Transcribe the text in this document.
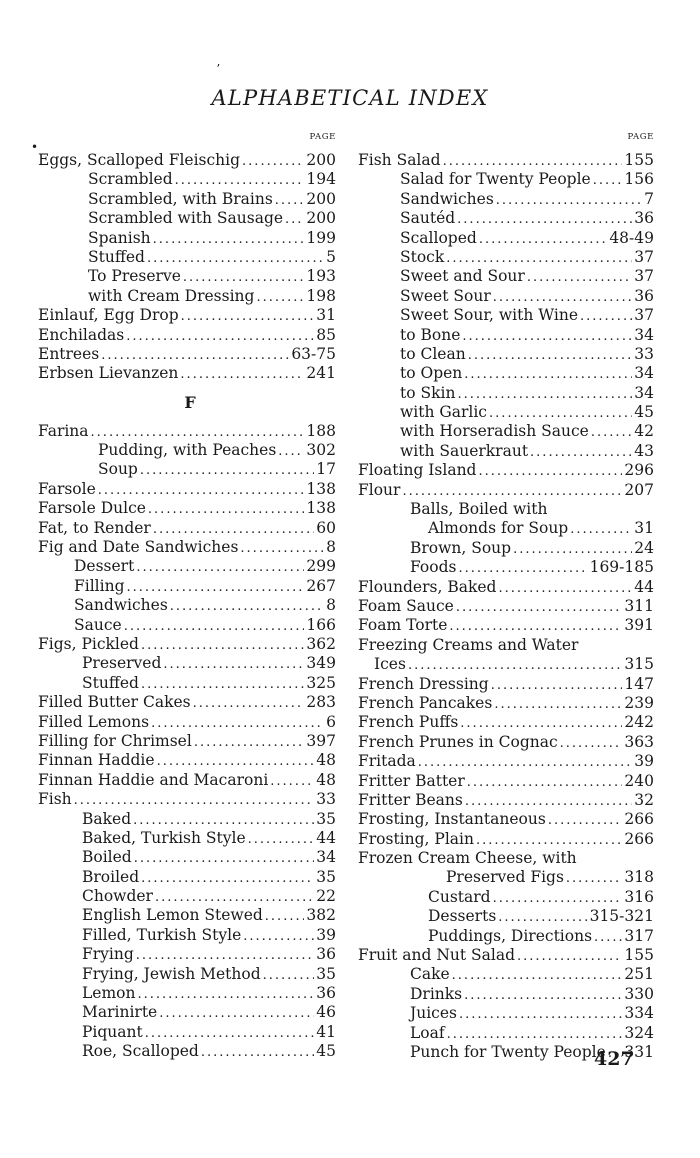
ALPHABETICAL INDEX
PAGE
Eggs, Scalloped Fleischig .....	200
Scrambled .....	194
Scrambled, with Brains ..... 200
Scrambled with Sausage ..... 200
Spanish .....	199
Stuffed .....	5
To Preserve .....	193
with Cream Dressing .....	198
Einlauf, Egg Drop .....	31
Enchiladas .....	85
Entrees .....	63-75
Erbsen Lievanzen .....	241
F
Farina .....	188
Pudding, with Peaches ..... 302
Soup .....	17
Farsole .....	138
Farsole Dulce .....	138
Fat, to Render .....	60
Fig and Date Sandwiches .....	8
Dessert .....	299
Filling .....	267
Sandwiches .....	8
Sauce .....	166
Figs, Pickled .....	362
Preserved .....	349
Stuffed .....	325
Filled Butter Cakes .....	283
Filled Lemons .....	6
Filling for Chrimsel .....	397
Finnan Haddie .....	48
Finnan Haddie and Macaroni .....	48
Fish .....	33
Baked .....	35
Baked, Turkish Style .....	44
Boiled .....	34
Broiled .....	35
Chowder .....	22
English Lemon Stewed .....	382
Filled, Turkish Style .....	39
Frying .....	36
Frying, Jewish Method .....	35
Lemon .....	36
Marinirte .....	46
Piquant .....	41
Roe, Scalloped .....	45
PAGE
Fish Salad .....	155
Salad for Twenty People ..... 156
Sandwiches .....	7
Sautéd .....	36
Scalloped .....	48-49
Stock .....	37
Sweet and Sour .....	37
Sweet Sour .....	36
Sweet Sour, with Wine .....	37
to Bone .....	34
to Clean .....	33
to Open .....	34
to Skin .....	34
with Garlic .....	45
with Horseradish Sauce .....	42
with Sauerkraut .....	43
Floating Island .....	296
Flour .....	207
Balls, Boiled with
Almonds for Soup .....	31
Brown, Soup .....	24
Foods .....	169-185
Flounders, Baked .....	44
Foam Sauce .....	311
Foam Torte .....	391
Freezing Creams and Water
Ices .....	315
French Dressing .....	147
French Pancakes .....	239
French Puffs .....	242
French Prunes in Cognac .....	363
Fritada .....	39
Fritter Batter .....	240
Fritter Beans .....	32
Frosting, Instantaneous .....	266
Frosting, Plain .....	266
Frozen Cream Cheese, with
Preserved Figs .....	318
Custard .....	316
Desserts .....	315-321
Puddings, Directions ..... 317
Fruit and Nut Salad .....	155
Cake .....	251
Drinks .....	330
Juices .....	334
Loaf .....	324
Punch for Twenty People ..... 331
427
ʼ
•
